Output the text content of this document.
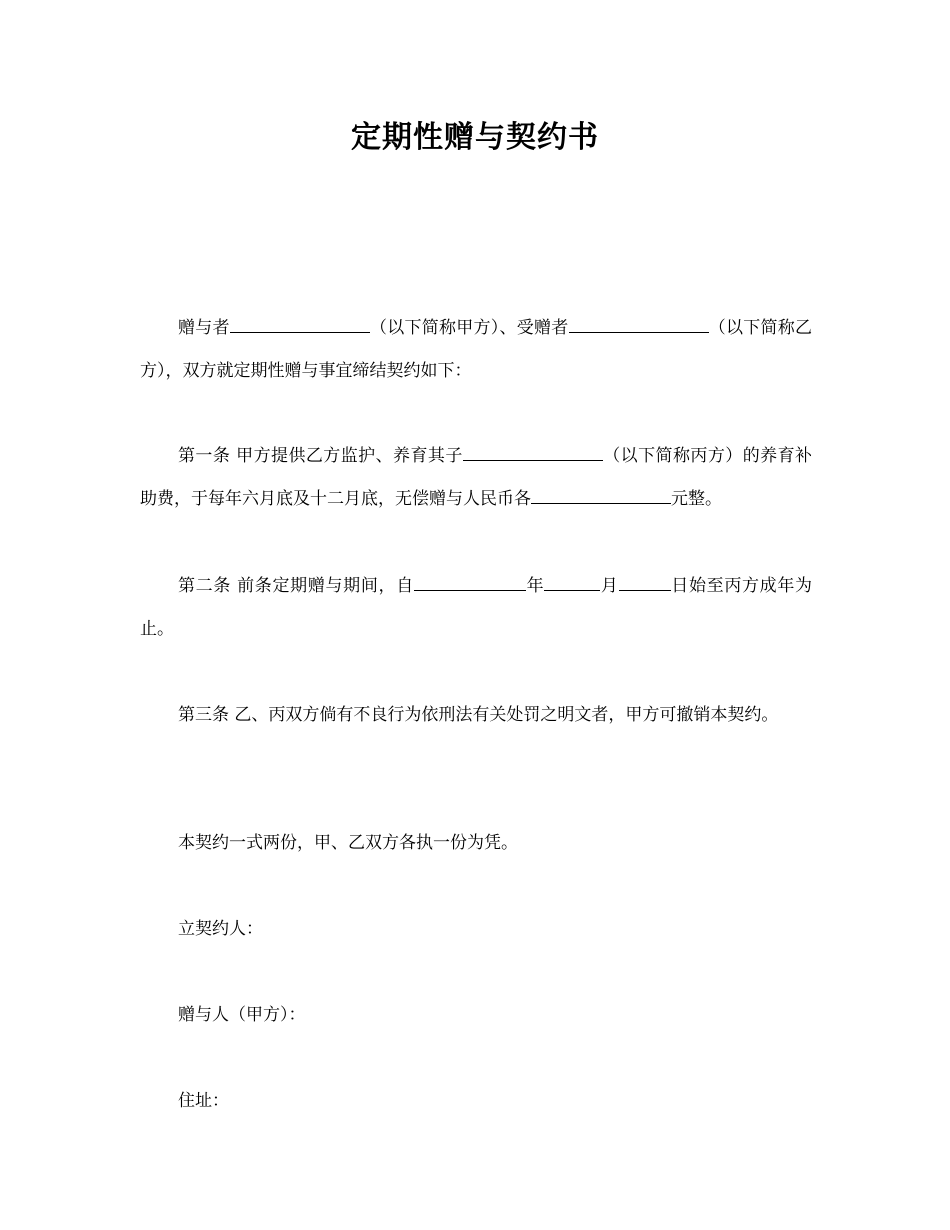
定期性赠与契约书
赠与者	（以下简称甲方）、受赠者	（以下简称乙方），双方就定期性赠与事宜缔结契约如下：
第一条 甲方提供乙方监护、养育其子	（以下简称丙方）的养育补助费，于每年六月底及十二月底，无偿赠与人民币各	元整。
第二条 前条定期赠与期间，自	年	月	日始至丙方成年为止。
第三条 乙、丙双方倘有不良行为依刑法有关处罚之明文者，甲方可撤销本契约。
本契约一式两份，甲、乙双方各执一份为凭。
立契约人：
赠与人（甲方）：
住址：
